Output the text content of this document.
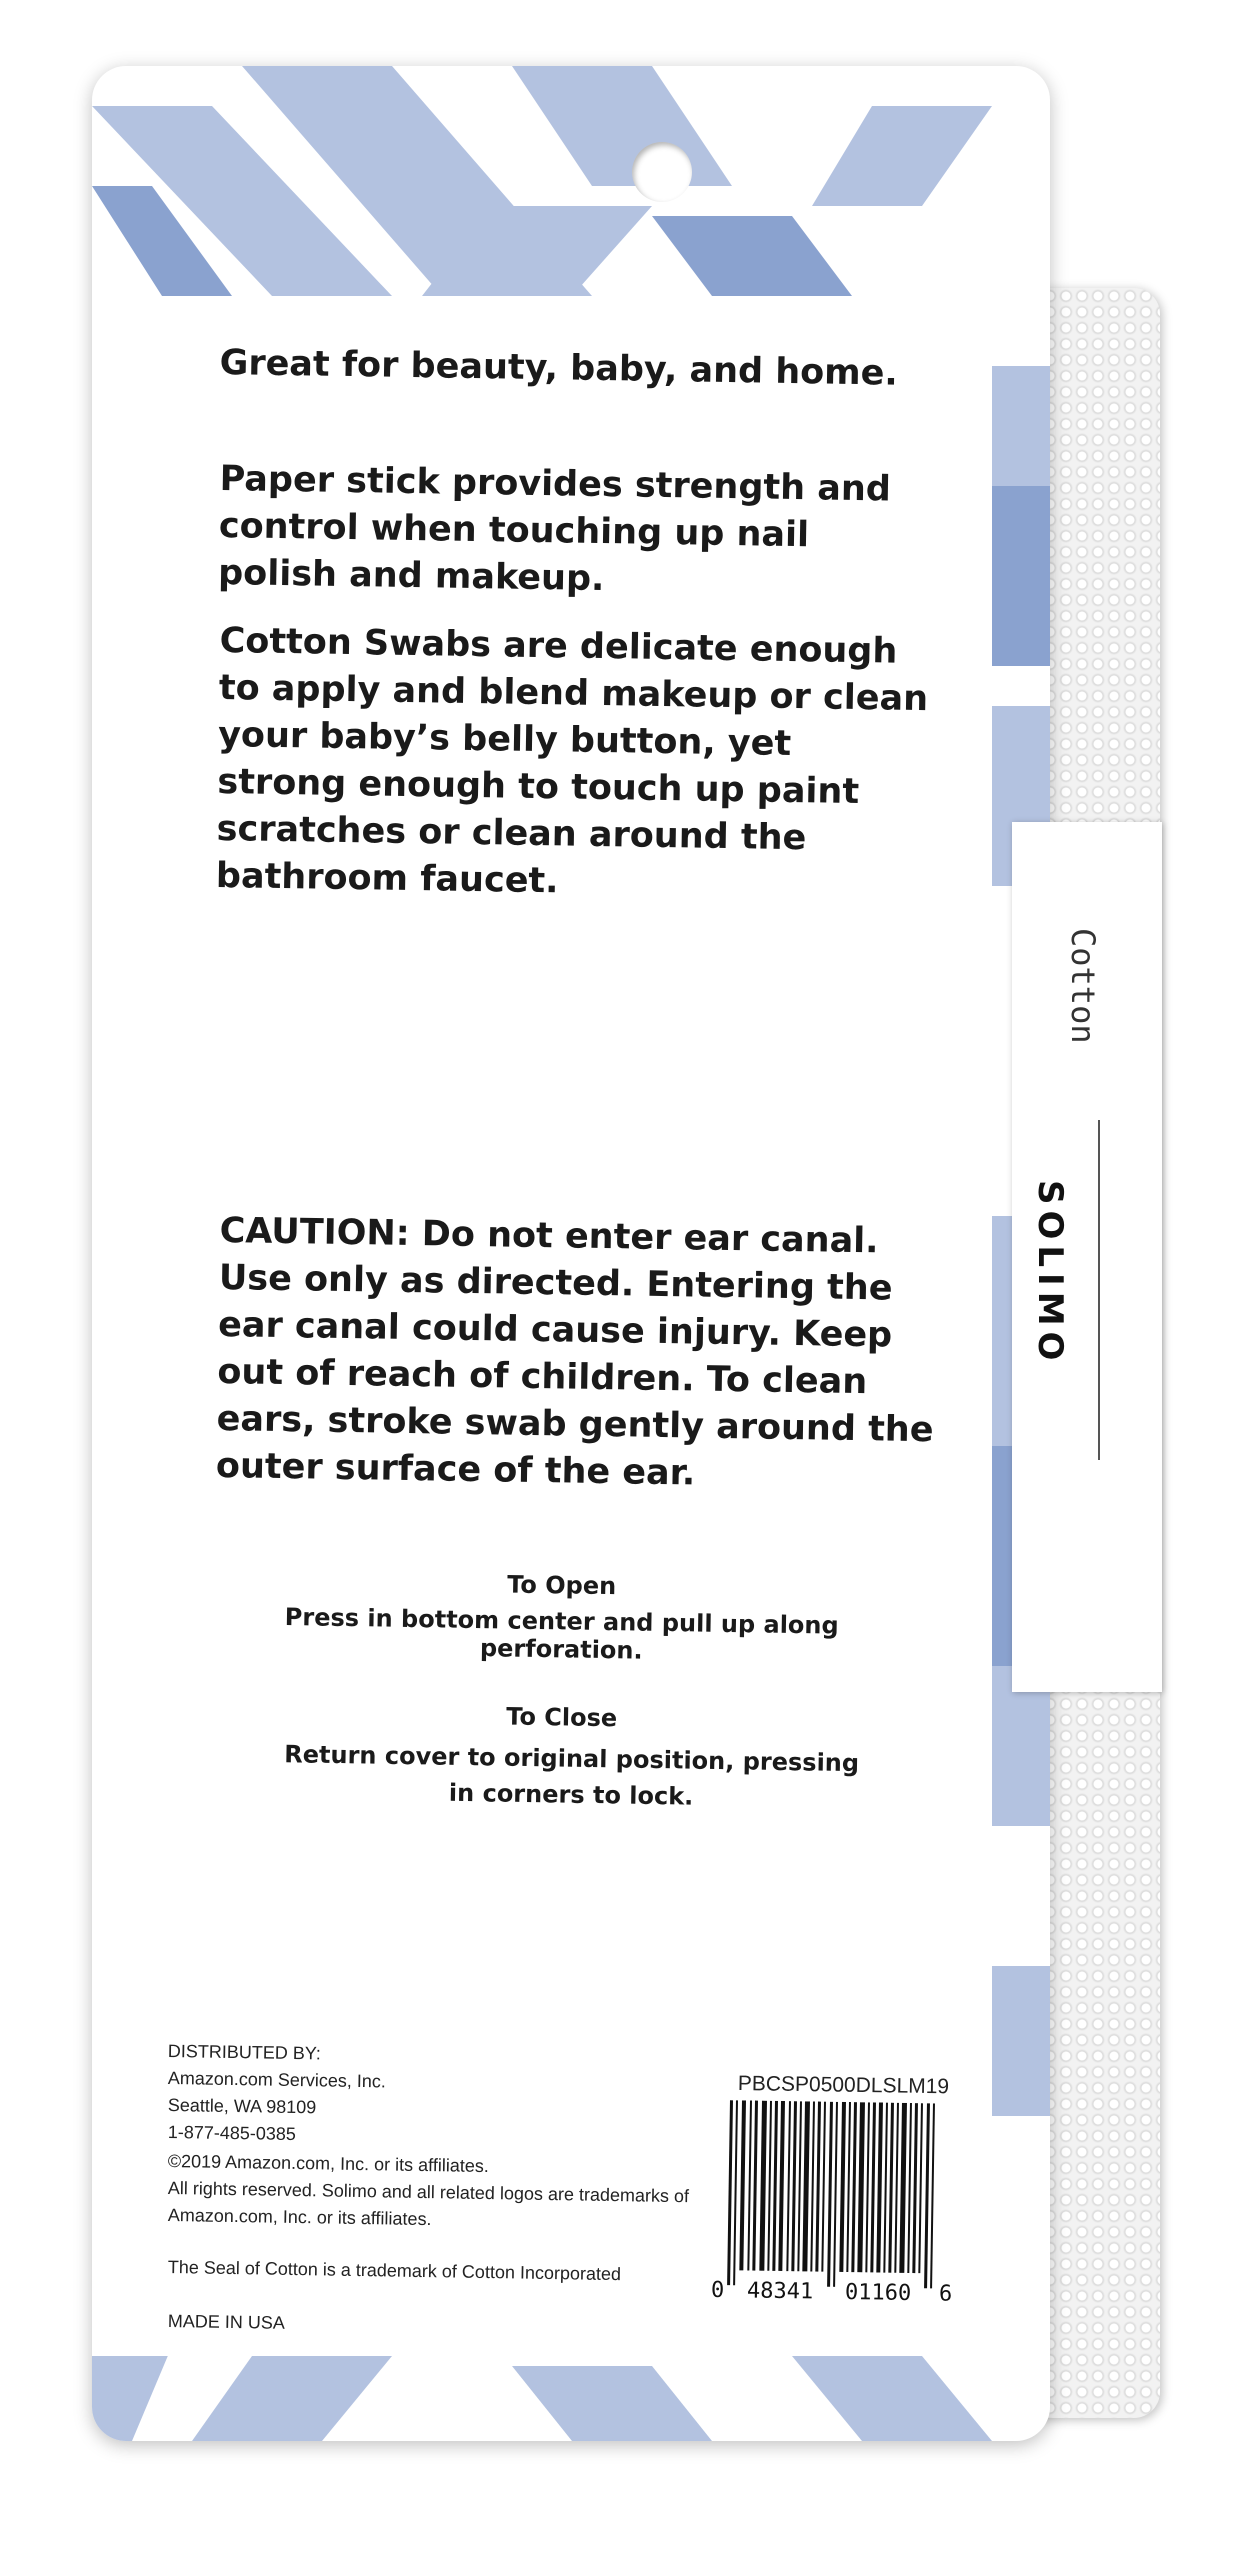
SOLIMO
Cotton
Great for beauty, baby, and home.
Paper stick provides strength and control when touching up nail polish and makeup.
Cotton Swabs are delicate enough to apply and blend makeup or clean your baby’s belly button, yet strong enough to touch up paint scratches or clean around the bathroom faucet.
CAUTION: Do not enter ear canal. Use only as directed. Entering the ear canal could cause injury. Keep out of reach of children. To clean ears, stroke swab gently around the outer surface of the ear.
To Open
Press in bottom center and pull up along perforation.
To Close
Return cover to original position, pressing in corners to lock.
DISTRIBUTED BY:
Amazon.com Services, Inc.
Seattle, WA 98109
1-877-485-0385
©2019 Amazon.com, Inc. or its affiliates.
All rights reserved. Solimo and all related logos are trademarks of
Amazon.com, Inc. or its affiliates.
The Seal of Cotton is a trademark of Cotton Incorporated
MADE IN USA
PBCSP0500DLSLM19
0 48341 01160 6
